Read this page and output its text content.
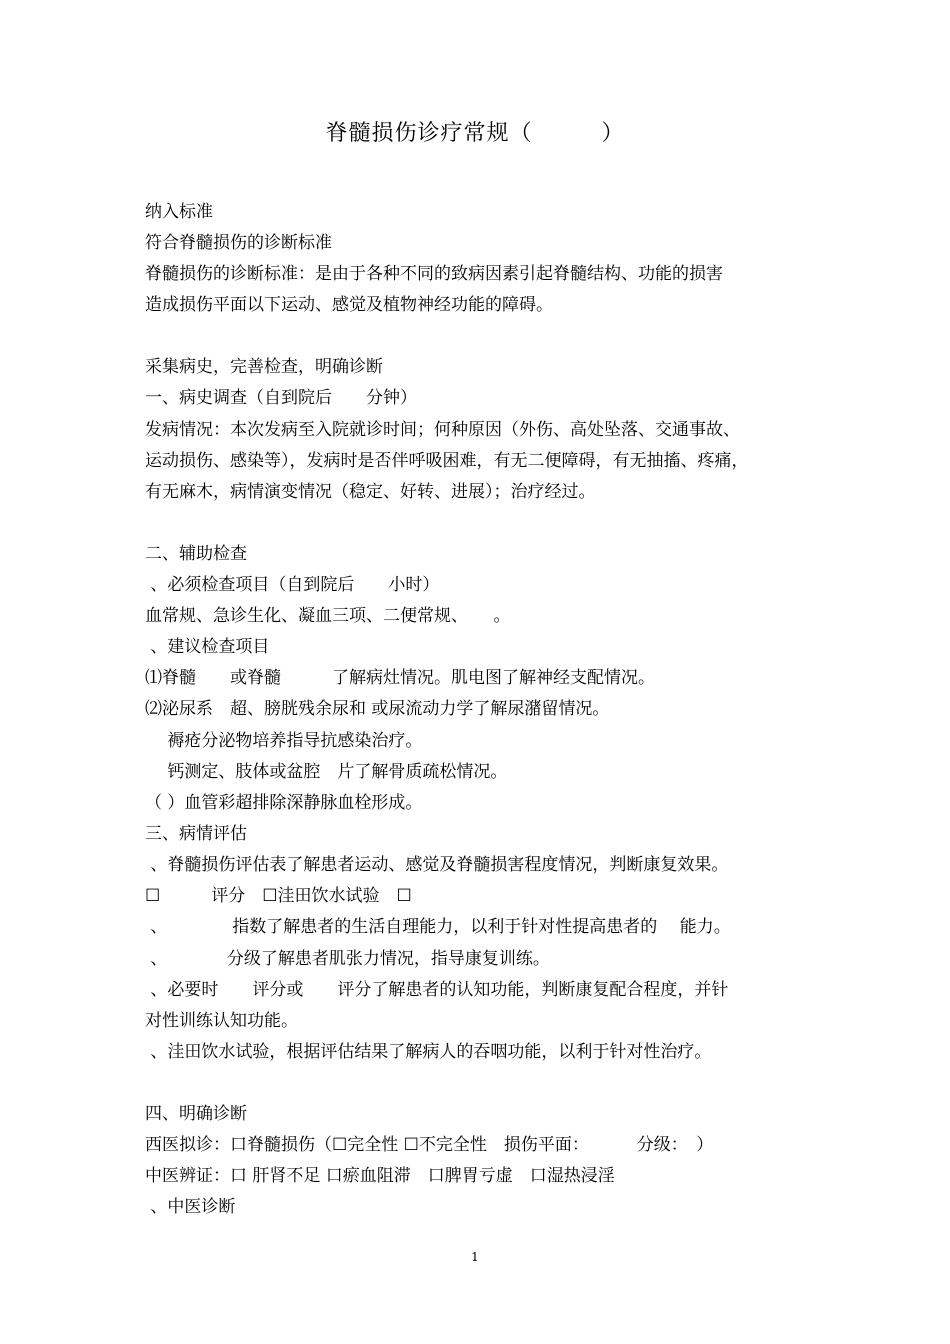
脊髓损伤诊疗常规（　　　）
纳入标准
符合脊髓损伤的诊断标准
脊髓损伤的诊断标准：是由于各种不同的致病因素引起脊髓结构、功能的损害
造成损伤平面以下运动、感觉及植物神经功能的障碍。
采集病史，完善检查，明确诊断
一、病史调查（自到院后　　分钟）
发病情况：本次发病至入院就诊时间；何种原因（外伤、高处坠落、交通事故、
运动损伤、感染等），发病时是否伴呼吸困难，有无二便障碍，有无抽搐、疼痛，
有无麻木，病情演变情况（稳定、好转、进展）；治疗经过。
二、辅助检查
、必须检查项目（自到院后　　小时）
血常规、急诊生化、凝血三项、二便常规、　　。
、建议检查项目
⑴脊髓　　或脊髓　　　了解病灶情况。肌电图了解神经支配情况。
⑵泌尿系　超、膀胱残余尿和 或尿流动力学了解尿潴留情况。
　 褥疮分泌物培养指导抗感染治疗。
　 钙测定、肢体或盆腔　片了解骨质疏松情况。
（ ）血管彩超排除深静脉血栓形成。
三、病情评估
、脊髓损伤评估表了解患者运动、感觉及脊髓损害程度情况，判断康复效果。
☐　　　评分　☐洼田饮水试验　☐
、　　　　 指数了解患者的生活自理能力，以利于针对性提高患者的　 能力。
、　　　　分级了解患者肌张力情况，指导康复训练。
、必要时　　评分或　　评分了解患者的认知功能，判断康复配合程度，并针
对性训练认知功能。
、洼田饮水试验，根据评估结果了解病人的吞咽功能，以利于针对性治疗。
四、明确诊断
西医拟诊：口脊髓损伤（☐完全性 ☐不完全性　损伤平面：　　　 分级：　）
中医辨证：口 肝肾不足 口瘀血阻滞　口脾胃亏虚　口湿热浸淫
、中医诊断
1
